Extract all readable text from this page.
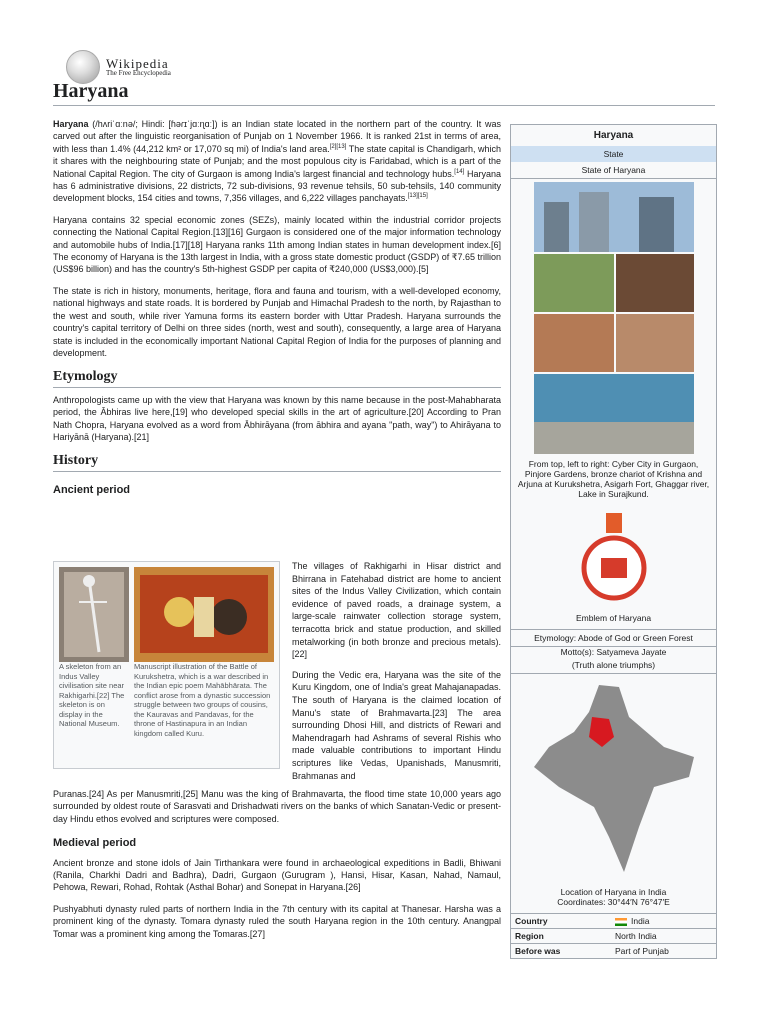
Wikipedia
The Free Encyclopedia
Haryana

Haryana (/hʌriˈɑːnə/; Hindi: [ɦəɾɪˈjɑːɳɑː]) is an Indian state located in the northern part of the country. It was carved out after the linguistic reorganisation of Punjab on 1 November 1966. It is ranked 21st in terms of area, with less than 1.4% (44,212 km² or 17,070 sq mi) of India's land area.[2][13] The state capital is Chandigarh, which it shares with the neighbouring state of Punjab; and the most populous city is Faridabad, which is a part of the National Capital Region. The city of Gurgaon is among India's largest financial and technology hubs.[14] Haryana has 6 administrative divisions, 22 districts, 72 sub-divisions, 93 revenue tehsils, 50 sub-tehsils, 140 community development blocks, 154 cities and towns, 7,356 villages, and 6,222 villages panchayats.[13][15]

Haryana contains 32 special economic zones (SEZs), mainly located within the industrial corridor projects connecting the National Capital Region.[13][16] Gurgaon is considered one of the major information technology and automobile hubs of India.[17][18] Haryana ranks 11th among Indian states in human development index.[6] The economy of Haryana is the 13th largest in India, with a gross state domestic product (GSDP) of ₹7.65 trillion (US$96 billion) and has the country's 5th-highest GSDP per capita of ₹240,000 (US$3,000).[5]

The state is rich in history, monuments, heritage, flora and fauna and tourism, with a well-developed economy, national highways and state roads. It is bordered by Punjab and Himachal Pradesh to the north, by Rajasthan to the west and south, while river Yamuna forms its eastern border with Uttar Pradesh. Haryana surrounds the country's capital territory of Delhi on three sides (north, west and south), consequently, a large area of Haryana state is included in the economically important National Capital Region of India for the purposes of planning and development.

Etymology

Anthropologists came up with the view that Haryana was known by this name because in the post-Mahabharata period, the Âbhiras live here,[19] who developed special skills in the art of agriculture.[20] According to Pran Nath Chopra, Haryana evolved as a word from Ābhirāyana (from ābhira and ayana "path, way") to Ahirāyana to Hariyānā (Haryana).[21]

History
Ancient period
A skeleton from an Indus Valley civilisation site near Rakhigarhi.[22] The skeleton is on display in the National Museum.
Manuscript illustration of the Battle of Kurukshetra, which is a war described in the Indian epic poem Mahābhārata. The conflict arose from a dynastic succession struggle between two groups of cousins, the Kauravas and Pandavas, for the throne of Hastinapura in an Indian kingdom called Kuru.

The villages of Rakhigarhi in Hisar district and Bhirrana in Fatehabad district are home to ancient sites of the Indus Valley Civilization, which contain evidence of paved roads, a drainage system, a large-scale rainwater collection storage system, terracotta brick and statue production, and skilled metalworking (in both bronze and precious metals).[22]

During the Vedic era, Haryana was the site of the Kuru Kingdom, one of India's great Mahajanapadas. The south of Haryana is the claimed location of Manu's state of Brahmavarta.[23] The area surrounding Dhosi Hill, and districts of Rewari and Mahendragarh had Ashrams of several Rishis who made valuable contributions to important Hindu scriptures like Vedas, Upanishads, Manusmriti, Brahmanas and

Puranas.[24] As per Manusmriti,[25] Manu was the king of Brahmavarta, the flood time state 10,000 years ago surrounded by oldest route of Sarasvati and Drishadwati rivers on the banks of which Sanatan-Vedic or present-day Hindu ethos evolved and scriptures were composed.

Medieval period

Ancient bronze and stone idols of Jain Tirthankara were found in archaeological expeditions in Badli, Bhiwani (Ranila, Charkhi Dadri and Badhra), Dadri, Gurgaon (Gurugram ), Hansi, Hisar, Kasan, Nahad, Namaul, Pehowa, Rewari, Rohad, Rohtak (Asthal Bohar) and Sonepat in Haryana.[26]

Pushyabhuti dynasty ruled parts of northern India in the 7th century with its capital at Thanesar. Harsha was a prominent king of the dynasty. Tomara dynasty ruled the south Haryana region in the 10th century. Anangpal Tomar was a prominent king among the Tomaras.[27]

Haryana
State
State of Haryana
From top, left to right: Cyber City in Gurgaon, Pinjore Gardens, bronze chariot of Krishna and Arjuna at Kurukshetra, Asigarh Fort, Ghaggar river, Lake in Surajkund.
Emblem of Haryana
Etymology: Abode of God or Green Forest
Motto(s): Satyameva Jayate
(Truth alone triumphs)
Location of Haryana in India
Coordinates: 30°44′N 76°47′E
Country	India
Region	North India
Before was	Part of Punjab
